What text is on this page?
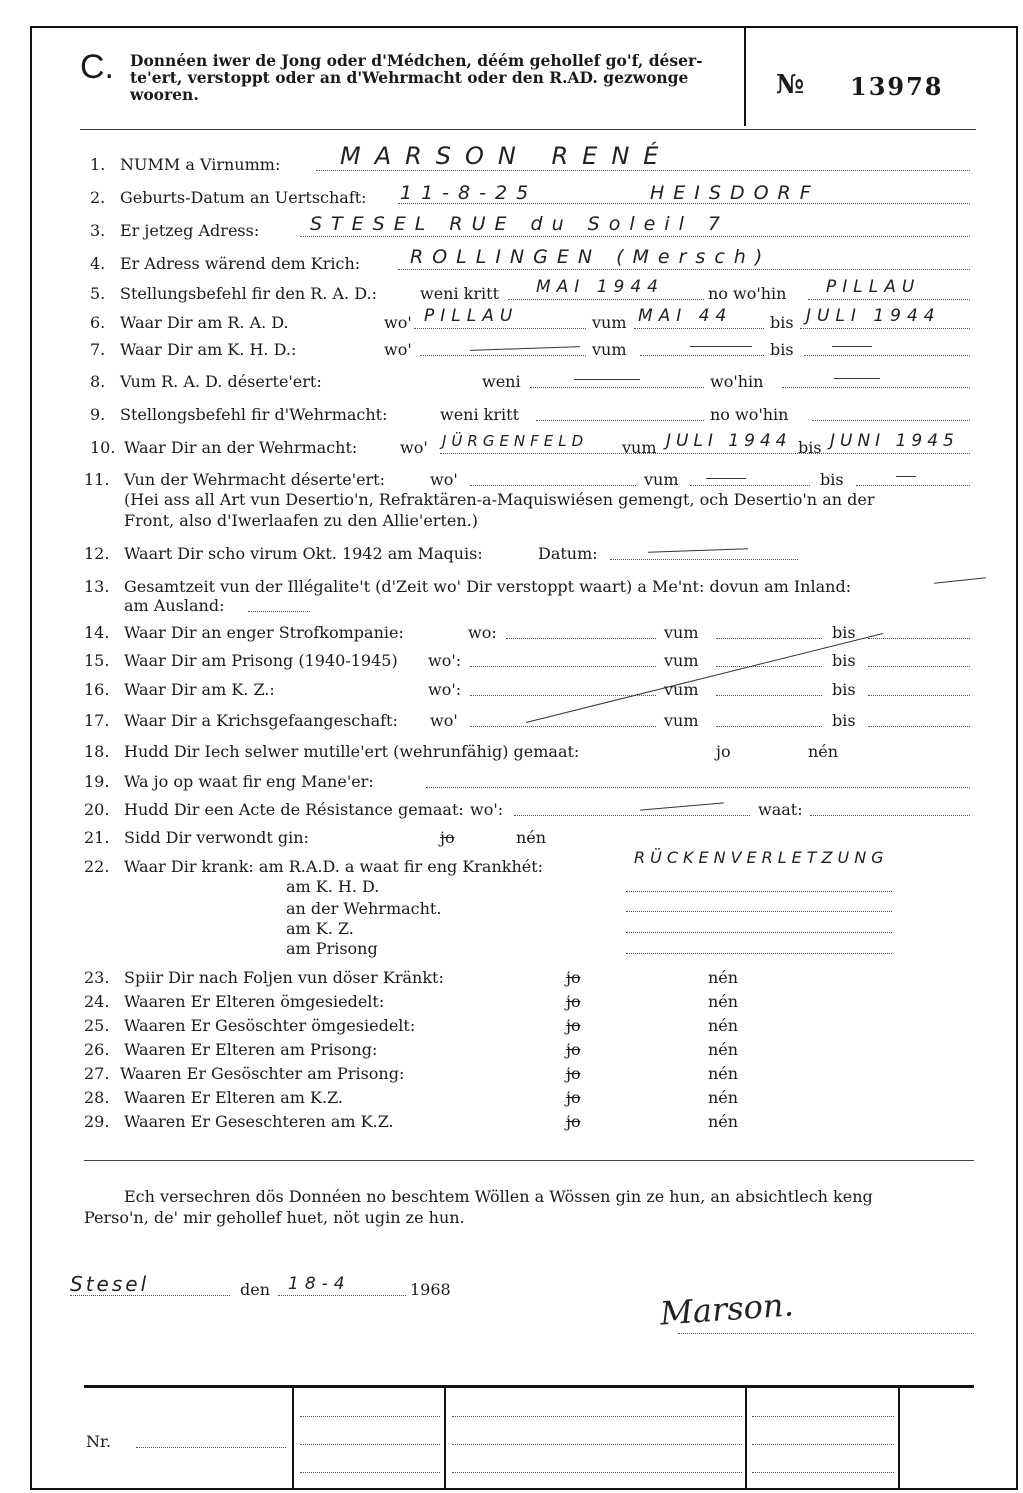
C. Donnéen iwer de Jong oder d'Médchen, déém gehollef go'f, déser-
te'ert, verstoppt oder an d'Wehrmacht oder den R.AD. gezwonge
wooren.	№ 13978
1. NUMM a Virnumm: MARSON RENÉ
2. Geburts-Datum an Uertschaft: 11-8-25	HEISDORF
3. Er jetzeg Adress:	STESEL RUE du Soleil 7
4. Er Adress wärend dem Krich:	ROLLINGEN (Mersch)
5. Stellungsbefehl fir den R. A. D.:	weni kritt MAI 1944	no wo'hin PILLAU
6. Waar Dir am R. A. D.	wo' PILLAU	vum MAI 44 bis JULI 1944
7. Waar Dir am K. H. D.:	wo'	vum	bis
8. Vum R. A. D. déserte'ert:	weni	wo'hin
9. Stellongsbefehl fir d'Wehrmacht:	weni kritt	no wo'hin
10. Waar Dir an der Wehrmacht:	wo' JÜRGENFELD vum JULI 1944 bis JUNI 1945
11. Vun der Wehrmacht déserte'ert:	wo'	vum	bis
(Hei ass all Art vun Desertio'n, Refraktären-a-Maquiswiésen gemengt, och Desertio'n an der
Front, also d'Iwerlaafen zu den Allie'erten.)
12. Waart Dir scho virum Okt. 1942 am Maquis:	Datum:
13. Gesamtzeit vun der Illégalite't (d'Zeit wo' Dir verstoppt waart) a Me'nt: dovun am Inland:
am Ausland:
14. Waar Dir an enger Strofkompanie:	wo:	vum	bis
15. Waar Dir am Prisong (1940-1945) wo':	vum	bis
16. Waar Dir am K. Z.:	wo':	vum	bis
17. Waar Dir a Krichsgefaangeschaft: wo'	vum	bis
18. Hudd Dir Iech selwer mutille'ert (wehrunfähig) gemaat:	jo	nén
19. Wa jo op waat fir eng Mane'er:
20. Hudd Dir een Acte de Résistance gemaat: wo':	waat:
21. Sidd Dir verwondt gin:	jo	nén
22. Waar Dir krank: am R.A.D. a waat fir eng Krankhét:	RÜCKENVERLETZUNG
am K. H. D.
an der Wehrmacht.
am K. Z.
am Prisong
23. Spiir Dir nach Foljen vun döser Kränkt:	jo	nén
24. Waaren Er Elteren ömgesiedelt:	jo	nén
25. Waaren Er Gesöschter ömgesiedelt:	jo	nén
26. Waaren Er Elteren am Prisong:	jo	nén
27. Waaren Er Gesöschter am Prisong:	jo	nén
28. Waaren Er Elteren am K.Z.	jo	nén
29. Waaren Er Geseschteren am K.Z.	jo	nén
Ech versechren dös Donnéen no beschtem Wöllen a Wössen gin ze hun, an absichtlech keng
Perso'n, de' mir gehollef huet, nöt ugin ze hun.
Stesel	den 18-4	1968	Marson.
Nr.
